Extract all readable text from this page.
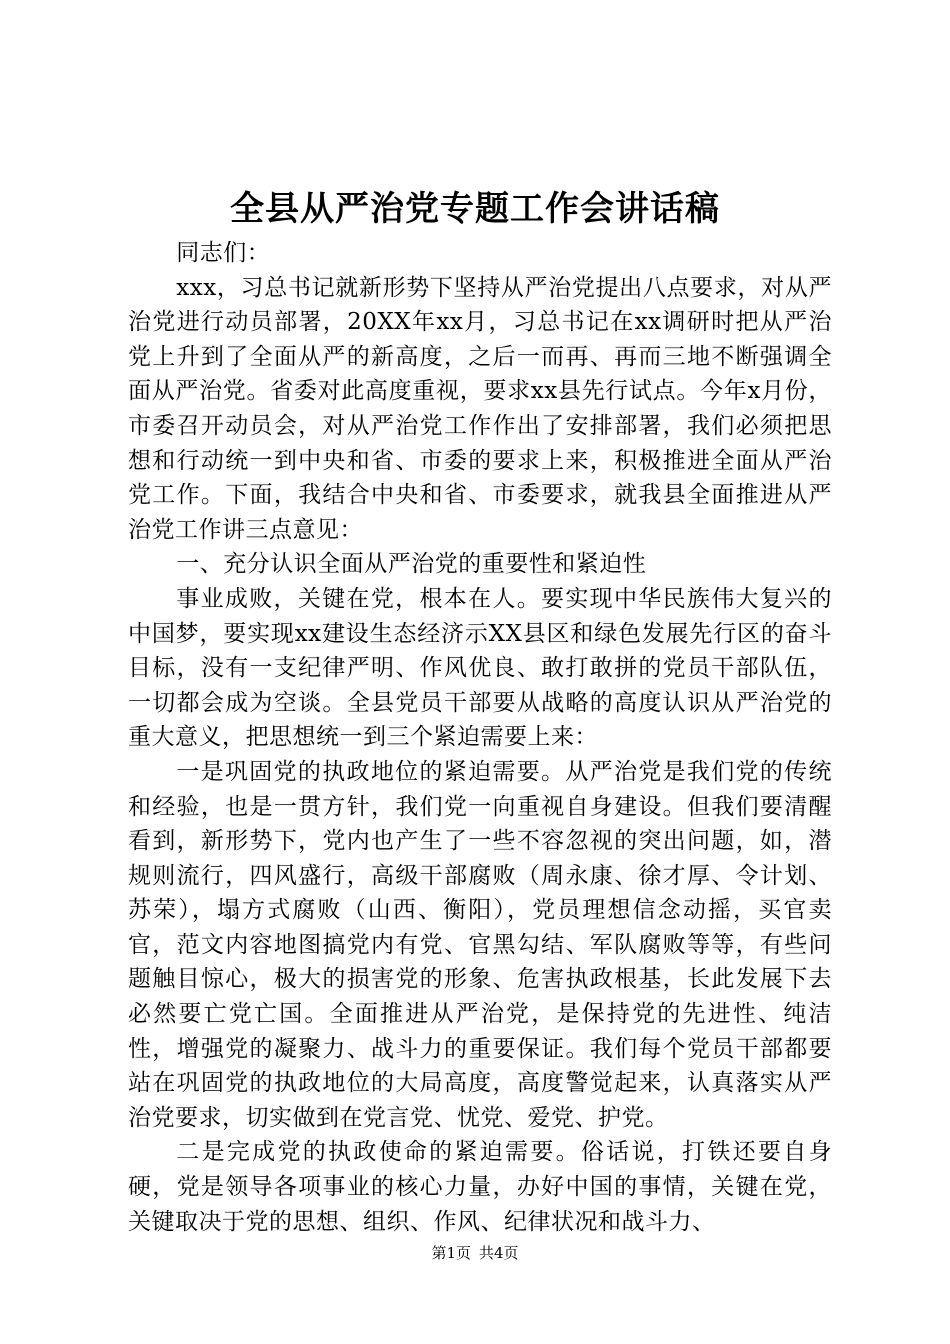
全县从严治党专题工作会讲话稿

同志们：

xxx，习总书记就新形势下坚持从严治党提出八点要求，对从严治党进行动员部署，20XX年xx月，习总书记在xx调研时把从严治党上升到了全面从严的新高度，之后一而再、再而三地不断强调全面从严治党。省委对此高度重视，要求xx县先行试点。今年x月份，市委召开动员会，对从严治党工作作出了安排部署，我们必须把思想和行动统一到中央和省、市委的要求上来，积极推进全面从严治党工作。下面，我结合中央和省、市委要求，就我县全面推进从严治党工作讲三点意见：

一、充分认识全面从严治党的重要性和紧迫性

事业成败，关键在党，根本在人。要实现中华民族伟大复兴的中国梦，要实现xx建设生态经济示XX县区和绿色发展先行区的奋斗目标，没有一支纪律严明、作风优良、敢打敢拼的党员干部队伍，一切都会成为空谈。全县党员干部要从战略的高度认识从严治党的重大意义，把思想统一到三个紧迫需要上来：

一是巩固党的执政地位的紧迫需要。从严治党是我们党的传统和经验，也是一贯方针，我们党一向重视自身建设。但我们要清醒看到，新形势下，党内也产生了一些不容忽视的突出问题，如，潜规则流行，四风盛行，高级干部腐败（周永康、徐才厚、令计划、苏荣），塌方式腐败（山西、衡阳），党员理想信念动摇，买官卖官，范文内容地图搞党内有党、官黑勾结、军队腐败等等，有些问题触目惊心，极大的损害党的形象、危害执政根基，长此发展下去必然要亡党亡国。全面推进从严治党，是保持党的先进性、纯洁性，增强党的凝聚力、战斗力的重要保证。我们每个党员干部都要站在巩固党的执政地位的大局高度，高度警觉起来，认真落实从严治党要求，切实做到在党言党、忧党、爱党、护党。

二是完成党的执政使命的紧迫需要。俗话说，打铁还要自身硬，党是领导各项事业的核心力量，办好中国的事情，关键在党，关键取决于党的思想、组织、作风、纪律状况和战斗力、

第1页 共4页
